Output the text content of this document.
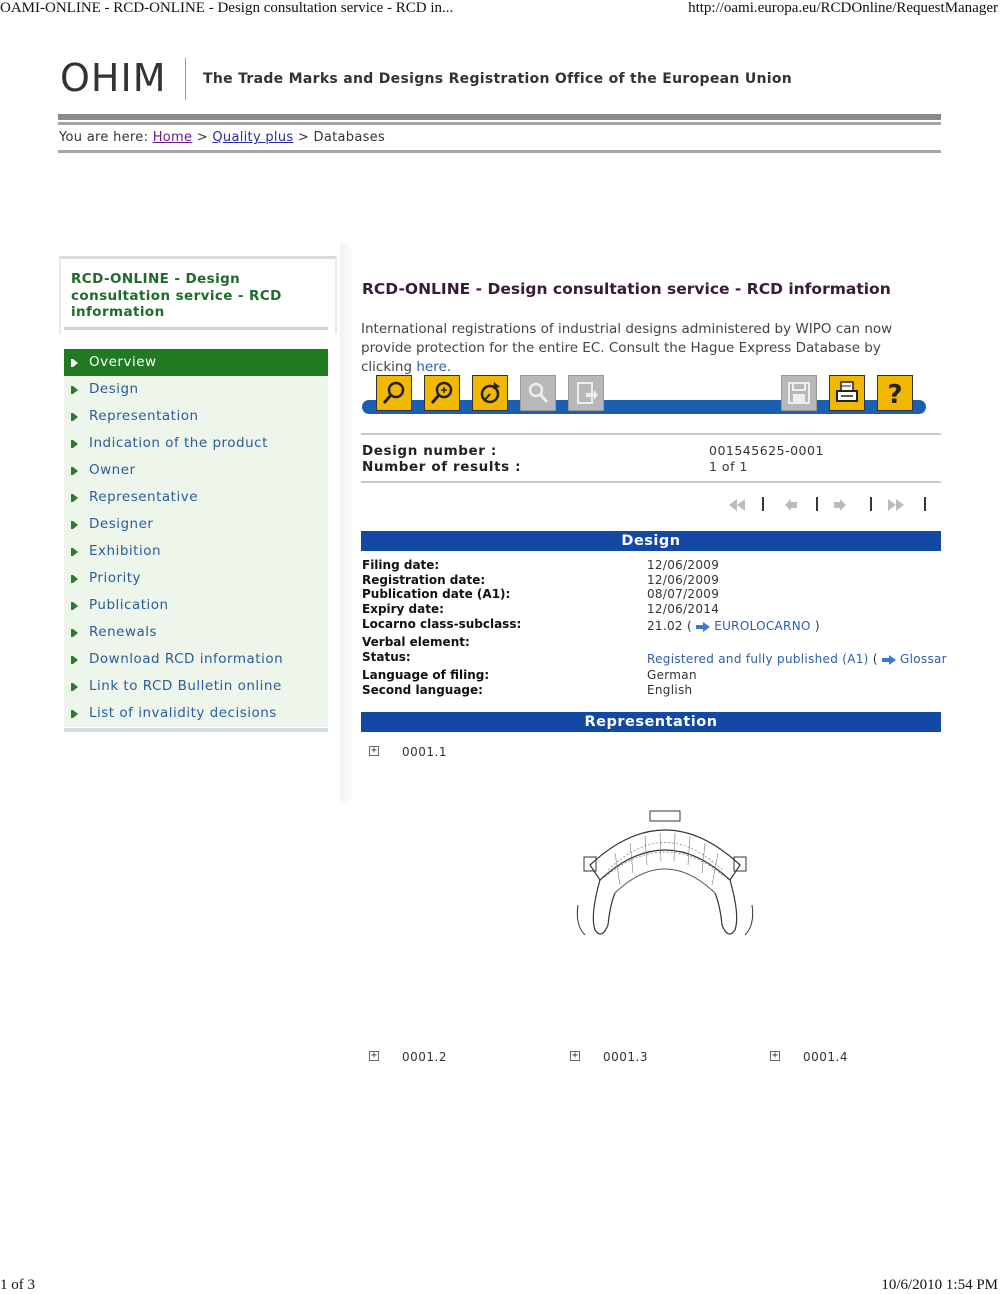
OAMI-ONLINE - RCD-ONLINE - Design consultation service - RCD in...	http://oami.europa.eu/RCDOnline/RequestManager
1 of 3	10/6/2010 1:54 PM
OHIM	The Trade Marks and Designs Registration Office of the European Union
You are here: Home > Quality plus > Databases
RCD-ONLINE - Design consultation service - RCD information
Overview
Design
Representation
Indication of the product
Owner
Representative
Designer
Exhibition
Priority
Publication
Renewals
Download RCD information
Link to RCD Bulletin online
List of invalidity decisions
RCD-ONLINE - Design consultation service - RCD information
International registrations of industrial designs administered by WIPO can now provide protection for the entire EC. Consult the Hague Express Database by clicking here.
?
Design number :	001545625-0001
Number of results :	1 of 1
Design
Filing date:	12/06/2009
Registration date:	12/06/2009
Publication date (A1):	08/07/2009
Expiry date:	12/06/2014
Locarno class-subclass:	21.02 ( EUROLOCARNO )
Verbal element:
Status:	Registered and fully published (A1) ( Glossar
Language of filing:	German
Second language:	English
Representation
+ 0001.1
+ 0001.2	+ 0001.3	+ 0001.4
